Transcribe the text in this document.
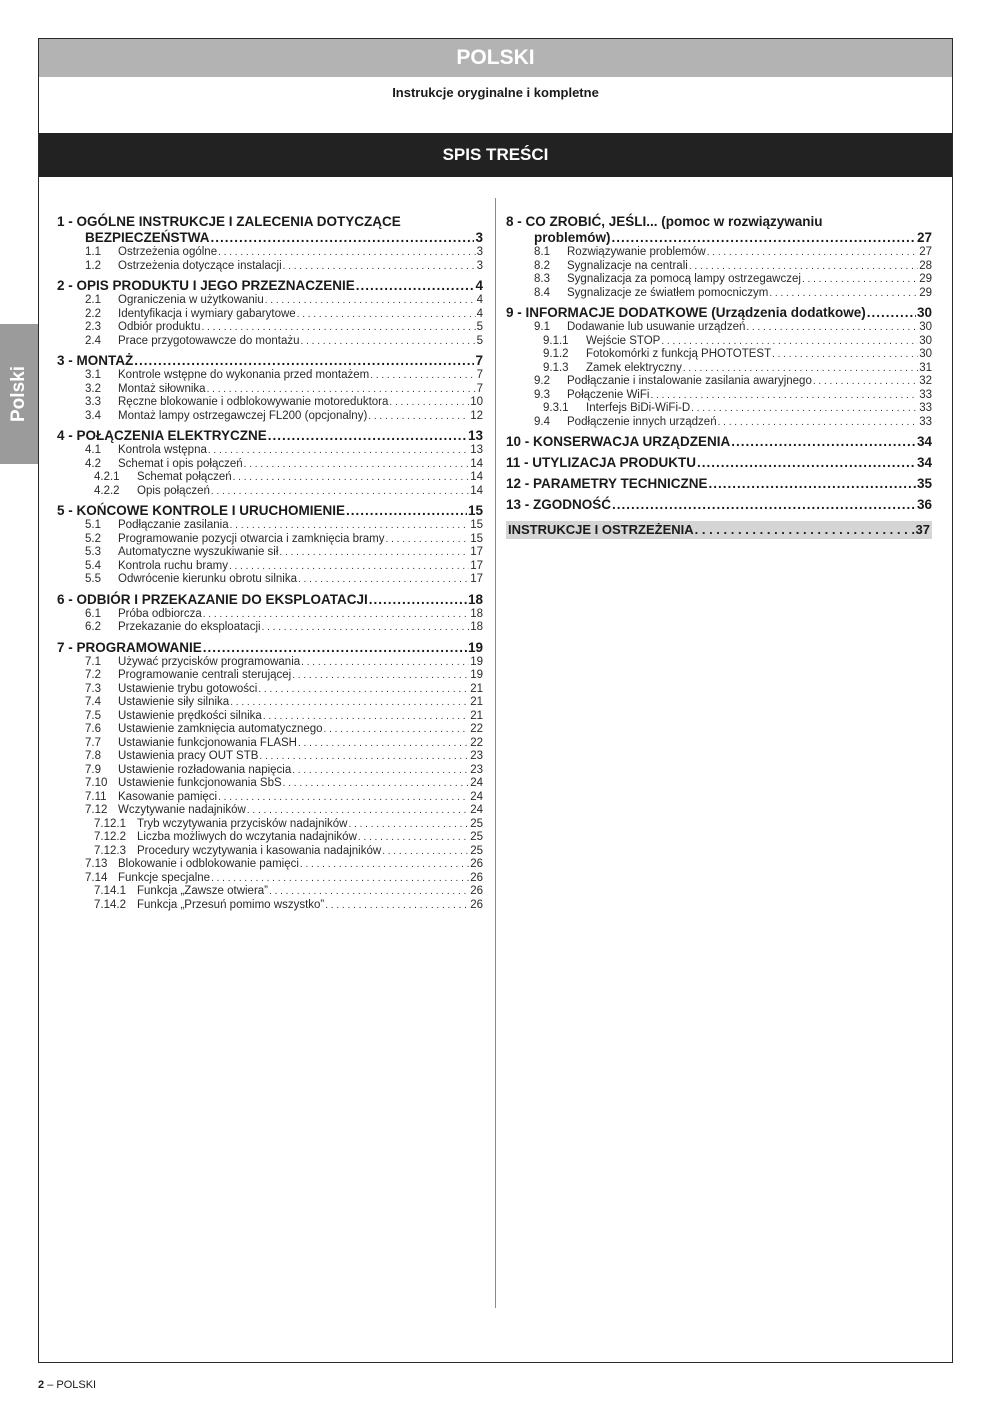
POLSKI
Instrukcje oryginalne i kompletne
SPIS TREŚCI
Polski
1 - OGÓLNE INSTRUKCJE I ZALECENIA DOTYCZĄCE
BEZPIECZEŃSTWA .....	3
1.1	Ostrzeżenia ogólne . . .	3
1.2	Ostrzeżenia dotyczące instalacji . . .	3
2 - OPIS PRODUKTU I JEGO PRZEZNACZENIE .....	4
2.1	Ograniczenia w użytkowaniu . . .	4
2.2	Identyfikacja i wymiary gabarytowe . . .	4
2.3	Odbiór produktu . . .	5
2.4	Prace przygotowawcze do montażu . . .	5
3 - MONTAŻ .....	7
3.1	Kontrole wstępne do wykonania przed montażem . . .	7
3.2	Montaż siłownika . . .	7
3.3	Ręczne blokowanie i odblokowywanie motoreduktora . . .	10
3.4	Montaż lampy ostrzegawczej FL200 (opcjonalny) . . .	12
4 - POŁĄCZENIA ELEKTRYCZNE .....	13
4.1	Kontrola wstępna . . .	13
4.2	Schemat i opis połączeń . . .	14
4.2.1	Schemat połączeń . . .	14
4.2.2	Opis połączeń . . .	14
5 - KOŃCOWE KONTROLE I URUCHOMIENIE .....	15
5.1	Podłączanie zasilania . . .	15
5.2	Programowanie pozycji otwarcia i zamknięcia bramy . . .	15
5.3	Automatyczne wyszukiwanie sił . . .	17
5.4	Kontrola ruchu bramy . . .	17
5.5	Odwrócenie kierunku obrotu silnika . . .	17
6 - ODBIÓR I PRZEKAZANIE DO EKSPLOATACJI .....	18
6.1	Próba odbiorcza . . .	18
6.2	Przekazanie do eksploatacji . . .	18
7 - PROGRAMOWANIE .....	19
7.1	Używać przycisków programowania . . .	19
7.2	Programowanie centrali sterującej . . .	19
7.3	Ustawienie trybu gotowości . . .	21
7.4	Ustawienie siły silnika . . .	21
7.5	Ustawienie prędkości silnika . . .	21
7.6	Ustawienie zamknięcia automatycznego . . .	22
7.7	Ustawianie funkcjonowania FLASH . . .	22
7.8	Ustawienia pracy OUT STB . . .	23
7.9	Ustawienie rozładowania napięcia . . .	23
7.10 Ustawienie funkcjonowania SbS . . .	24
7.11 Kasowanie pamięci . . .	24
7.12 Wczytywanie nadajników . . .	24
7.12.1 Tryb wczytywania przycisków nadajników . . .	25
7.12.2 Liczba możliwych do wczytania nadajników . . .	25
7.12.3 Procedury wczytywania i kasowania nadajników . . .	25
7.13 Blokowanie i odblokowanie pamięci . . .	26
7.14 Funkcje specjalne . . .	26
7.14.1 Funkcja „Zawsze otwiera” . . .	26
7.14.2 Funkcja „Przesuń pomimo wszystko” . . .	26
8 - CO ZROBIĆ, JEŚLI... (pomoc w rozwiązywaniu
problemów) .....	27
8.1	Rozwiązywanie problemów . . .	27
8.2	Sygnalizacje na centrali . . .	28
8.3	Sygnalizacja za pomocą lampy ostrzegawczej . . .	29
8.4	Sygnalizacje ze światłem pomocniczym . . .	29
9 - INFORMACJE DODATKOWE (Urządzenia dodatkowe) .....	30
9.1	Dodawanie lub usuwanie urządzeń . . .	30
9.1.1	Wejście STOP . . .	30
9.1.2	Fotokomórki z funkcją PHOTOTEST . . .	30
9.1.3	Zamek elektryczny . . .	31
9.2	Podłączanie i instalowanie zasilania awaryjnego . . .	32
9.3	Połączenie WiFi . . .	33
9.3.1	Interfejs BiDi-WiFi-D . . .	33
9.4	Podłączenie innych urządzeń . . .	33
10 - KONSERWACJA URZĄDZENIA .....	34
11 - UTYLIZACJA PRODUKTU .....	34
12 - PARAMETRY TECHNICZNE .....	35
13 - ZGODNOŚĆ .....	36
INSTRUKCJE I OSTRZEŻENIA . . .	37
2 – POLSKI
